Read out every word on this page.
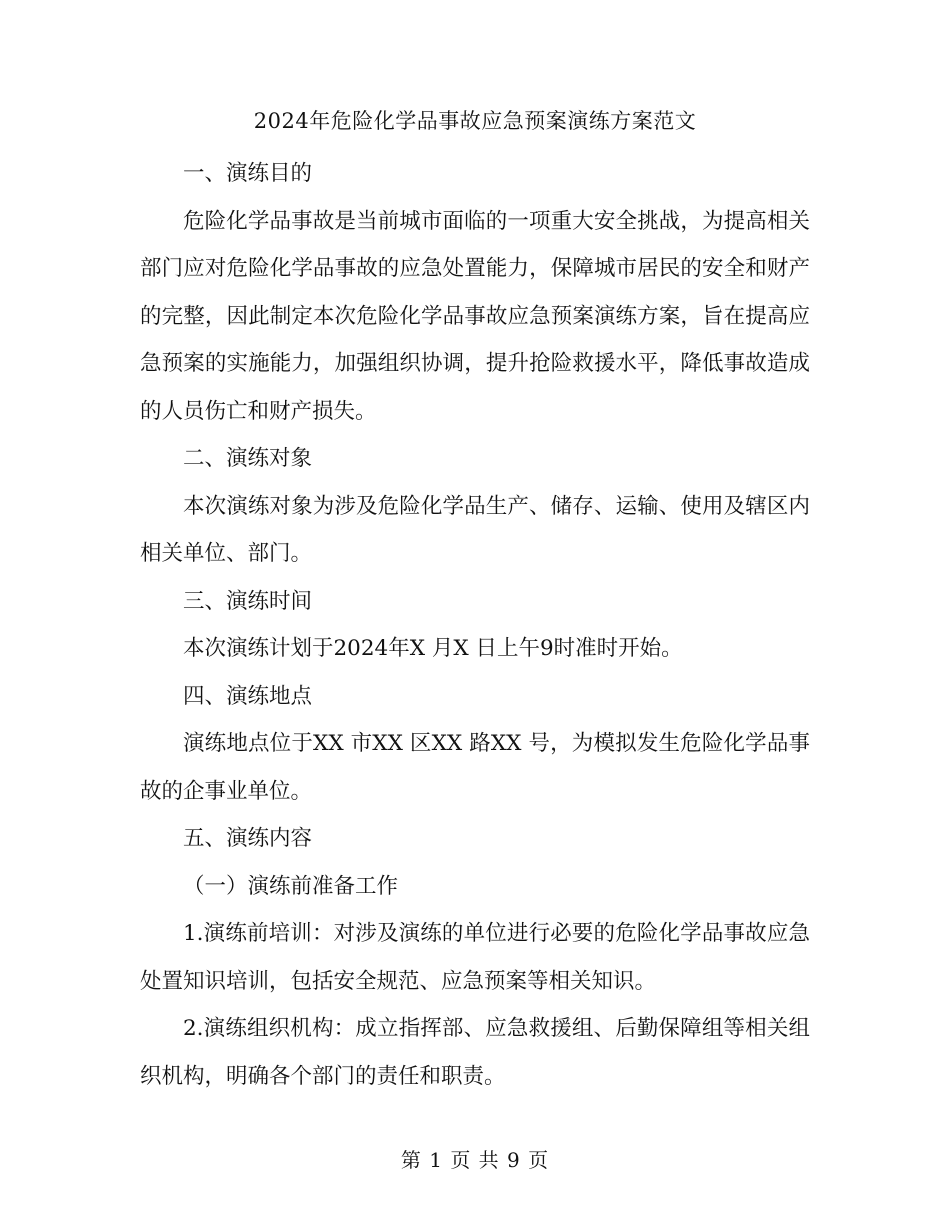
2024年危险化学品事故应急预案演练方案范文

一、演练目的

危险化学品事故是当前城市面临的一项重大安全挑战，为提高相关部门应对危险化学品事故的应急处置能力，保障城市居民的安全和财产的完整，因此制定本次危险化学品事故应急预案演练方案，旨在提高应急预案的实施能力，加强组织协调，提升抢险救援水平，降低事故造成的人员伤亡和财产损失。

二、演练对象

本次演练对象为涉及危险化学品生产、储存、运输、使用及辖区内相关单位、部门。

三、演练时间

本次演练计划于2024年X 月X 日上午9时准时开始。

四、演练地点

演练地点位于XX 市XX 区XX 路XX 号，为模拟发生危险化学品事故的企事业单位。

五、演练内容

（一）演练前准备工作

1.演练前培训：对涉及演练的单位进行必要的危险化学品事故应急处置知识培训，包括安全规范、应急预案等相关知识。

2.演练组织机构：成立指挥部、应急救援组、后勤保障组等相关组织机构，明确各个部门的责任和职责。

第 1 页 共 9 页
